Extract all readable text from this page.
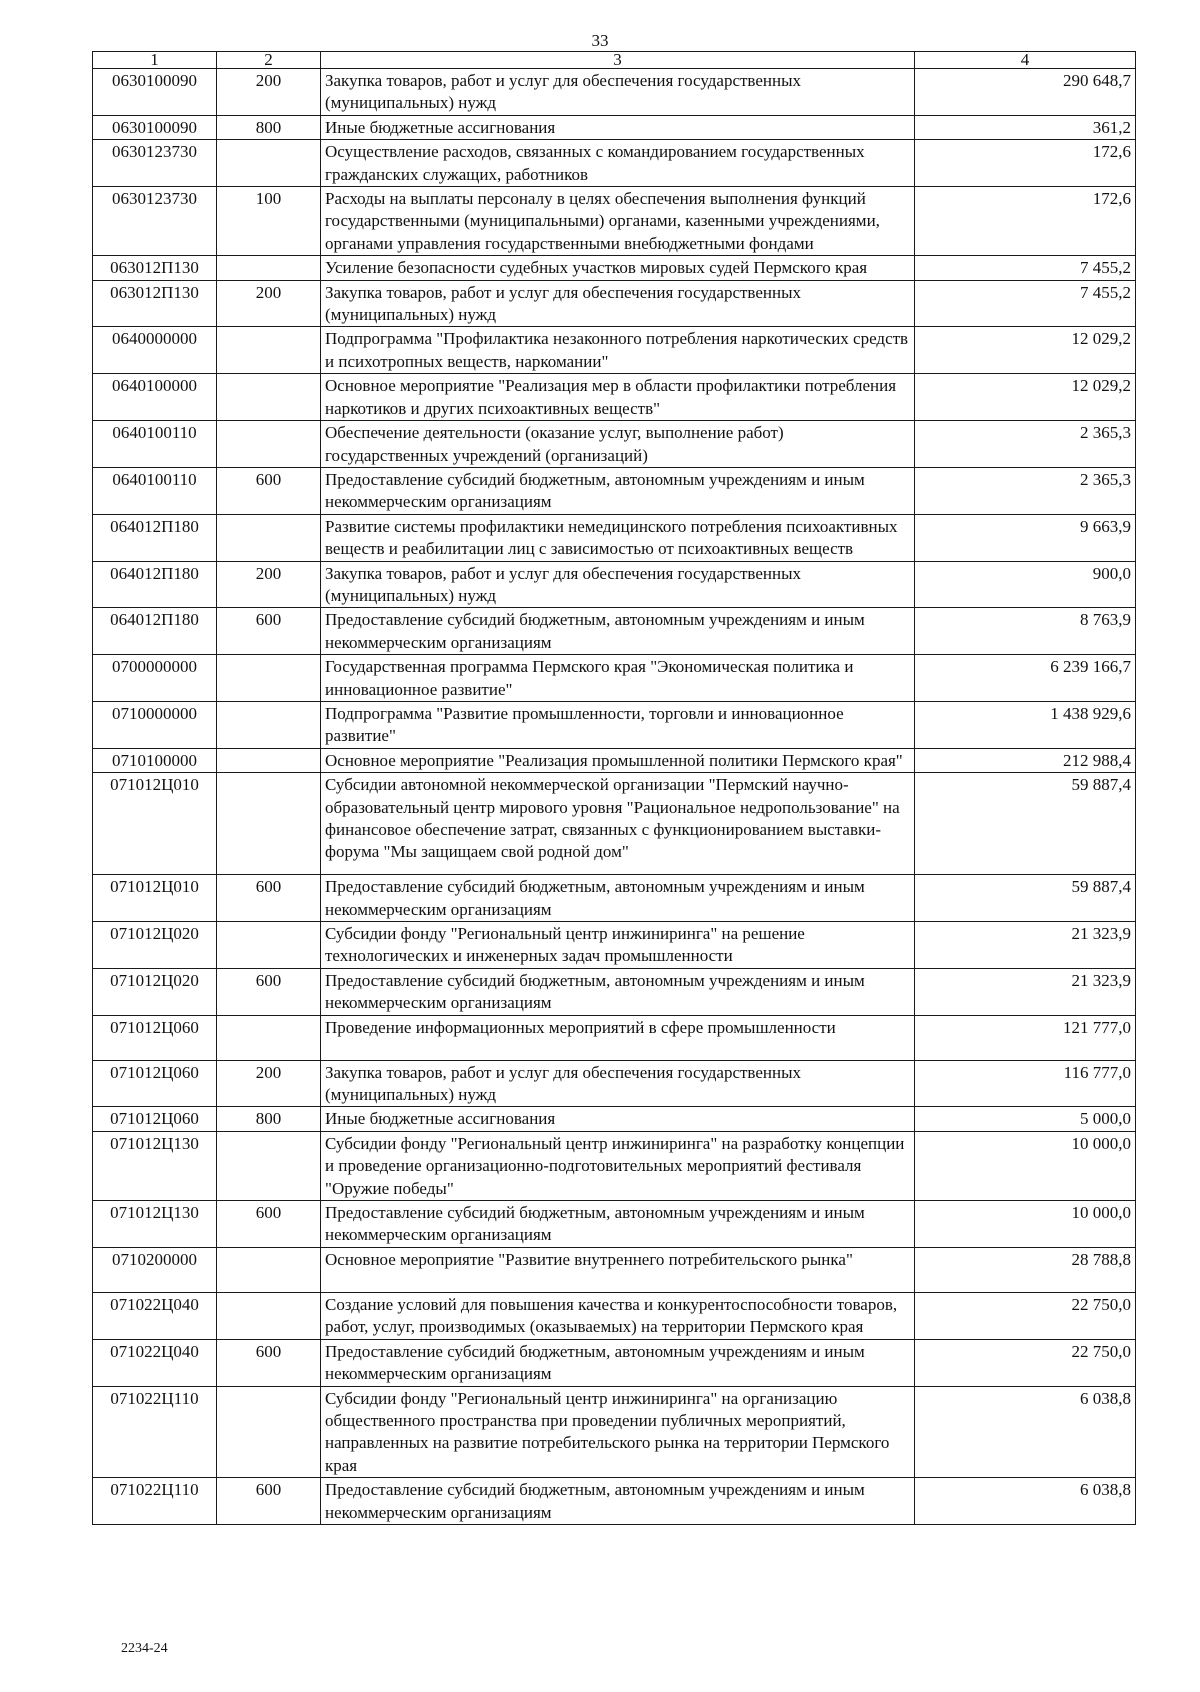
33
1	2	3	4
0630100090	200	Закупка товаров, работ и услуг для обеспечения государственных (муниципальных) нужд	290 648,7
0630100090	800	Иные бюджетные ассигнования	361,2
0630123730		Осуществление расходов, связанных с командированием государственных гражданских служащих, работников	172,6
0630123730	100	Расходы на выплаты персоналу в целях обеспечения выполнения функций государственными (муниципальными) органами, казенными учреждениями, органами управления государственными внебюджетными фондами	172,6
063012П130		Усиление безопасности судебных участков мировых судей Пермского края	7 455,2
063012П130	200	Закупка товаров, работ и услуг для обеспечения государственных (муниципальных) нужд	7 455,2
0640000000		Подпрограмма "Профилактика незаконного потребления наркотических средств и психотропных веществ, наркомании"	12 029,2
0640100000		Основное мероприятие "Реализация мер в области профилактики потребления наркотиков и других психоактивных веществ"	12 029,2
0640100110		Обеспечение деятельности (оказание услуг, выполнение работ) государственных учреждений (организаций)	2 365,3
0640100110	600	Предоставление субсидий бюджетным, автономным учреждениям и иным некоммерческим организациям	2 365,3
064012П180		Развитие системы профилактики немедицинского потребления психоактивных веществ и реабилитации лиц с зависимостью от психоактивных веществ	9 663,9
064012П180	200	Закупка товаров, работ и услуг для обеспечения государственных (муниципальных) нужд	900,0
064012П180	600	Предоставление субсидий бюджетным, автономным учреждениям и иным некоммерческим организациям	8 763,9
0700000000		Государственная программа Пермского края "Экономическая политика и инновационное развитие"	6 239 166,7
0710000000		Подпрограмма "Развитие промышленности, торговли и инновационное развитие"	1 438 929,6
0710100000		Основное мероприятие "Реализация промышленной политики Пермского края"	212 988,4
071012Ц010		Субсидии автономной некоммерческой организации "Пермский научно-образовательный центр мирового уровня "Рациональное недропользование" на финансовое обеспечение затрат, связанных с функционированием выставки-форума "Мы защищаем свой родной дом"	59 887,4
071012Ц010	600	Предоставление субсидий бюджетным, автономным учреждениям и иным некоммерческим организациям	59 887,4
071012Ц020		Субсидии фонду "Региональный центр инжиниринга" на решение технологических и инженерных задач промышленности	21 323,9
071012Ц020	600	Предоставление субсидий бюджетным, автономным учреждениям и иным некоммерческим организациям	21 323,9
071012Ц060		Проведение информационных мероприятий в сфере промышленности	121 777,0
071012Ц060	200	Закупка товаров, работ и услуг для обеспечения государственных (муниципальных) нужд	116 777,0
071012Ц060	800	Иные бюджетные ассигнования	5 000,0
071012Ц130		Субсидии фонду "Региональный центр инжиниринга" на разработку концепции и проведение организационно-подготовительных мероприятий фестиваля "Оружие победы"	10 000,0
071012Ц130	600	Предоставление субсидий бюджетным, автономным учреждениям и иным некоммерческим организациям	10 000,0
0710200000		Основное мероприятие "Развитие внутреннего потребительского рынка"	28 788,8
071022Ц040		Создание условий для повышения качества и конкурентоспособности товаров, работ, услуг, производимых (оказываемых) на территории Пермского края	22 750,0
071022Ц040	600	Предоставление субсидий бюджетным, автономным учреждениям и иным некоммерческим организациям	22 750,0
071022Ц110		Субсидии фонду "Региональный центр инжиниринга" на организацию общественного пространства при проведении публичных мероприятий, направленных на развитие потребительского рынка на территории Пермского края	6 038,8
071022Ц110	600	Предоставление субсидий бюджетным, автономным учреждениям и иным некоммерческим организациям	6 038,8
2234-24
